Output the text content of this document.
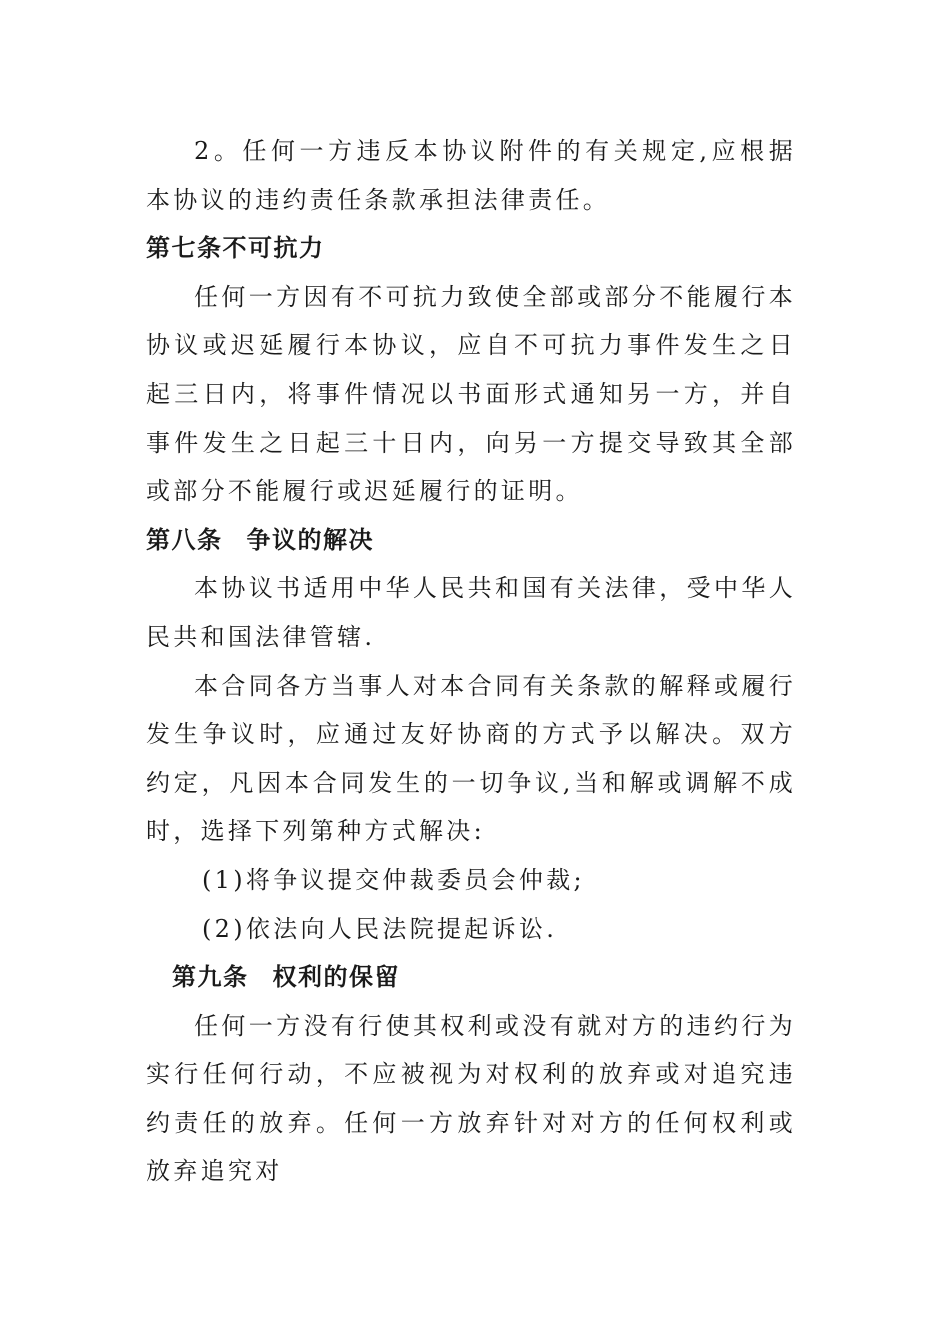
2。任何一方违反本协议附件的有关规定,应根据本协议的违约责任条款承担法律责任。

第七条不可抗力

任何一方因有不可抗力致使全部或部分不能履行本协议或迟延履行本协议，应自不可抗力事件发生之日起三日内，将事件情况以书面形式通知另一方，并自事件发生之日起三十日内，向另一方提交导致其全部或部分不能履行或迟延履行的证明。

第八条 争议的解决

本协议书适用中华人民共和国有关法律，受中华人民共和国法律管辖.

本合同各方当事人对本合同有关条款的解释或履行发生争议时，应通过友好协商的方式予以解决。双方约定，凡因本合同发生的一切争议,当和解或调解不成时，选择下列第种方式解决:

(1)将争议提交仲裁委员会仲裁;

(2)依法向人民法院提起诉讼.

第九条 权利的保留

任何一方没有行使其权利或没有就对方的违约行为实行任何行动，不应被视为对权利的放弃或对追究违约责任的放弃。任何一方放弃针对对方的任何权利或放弃追究对
